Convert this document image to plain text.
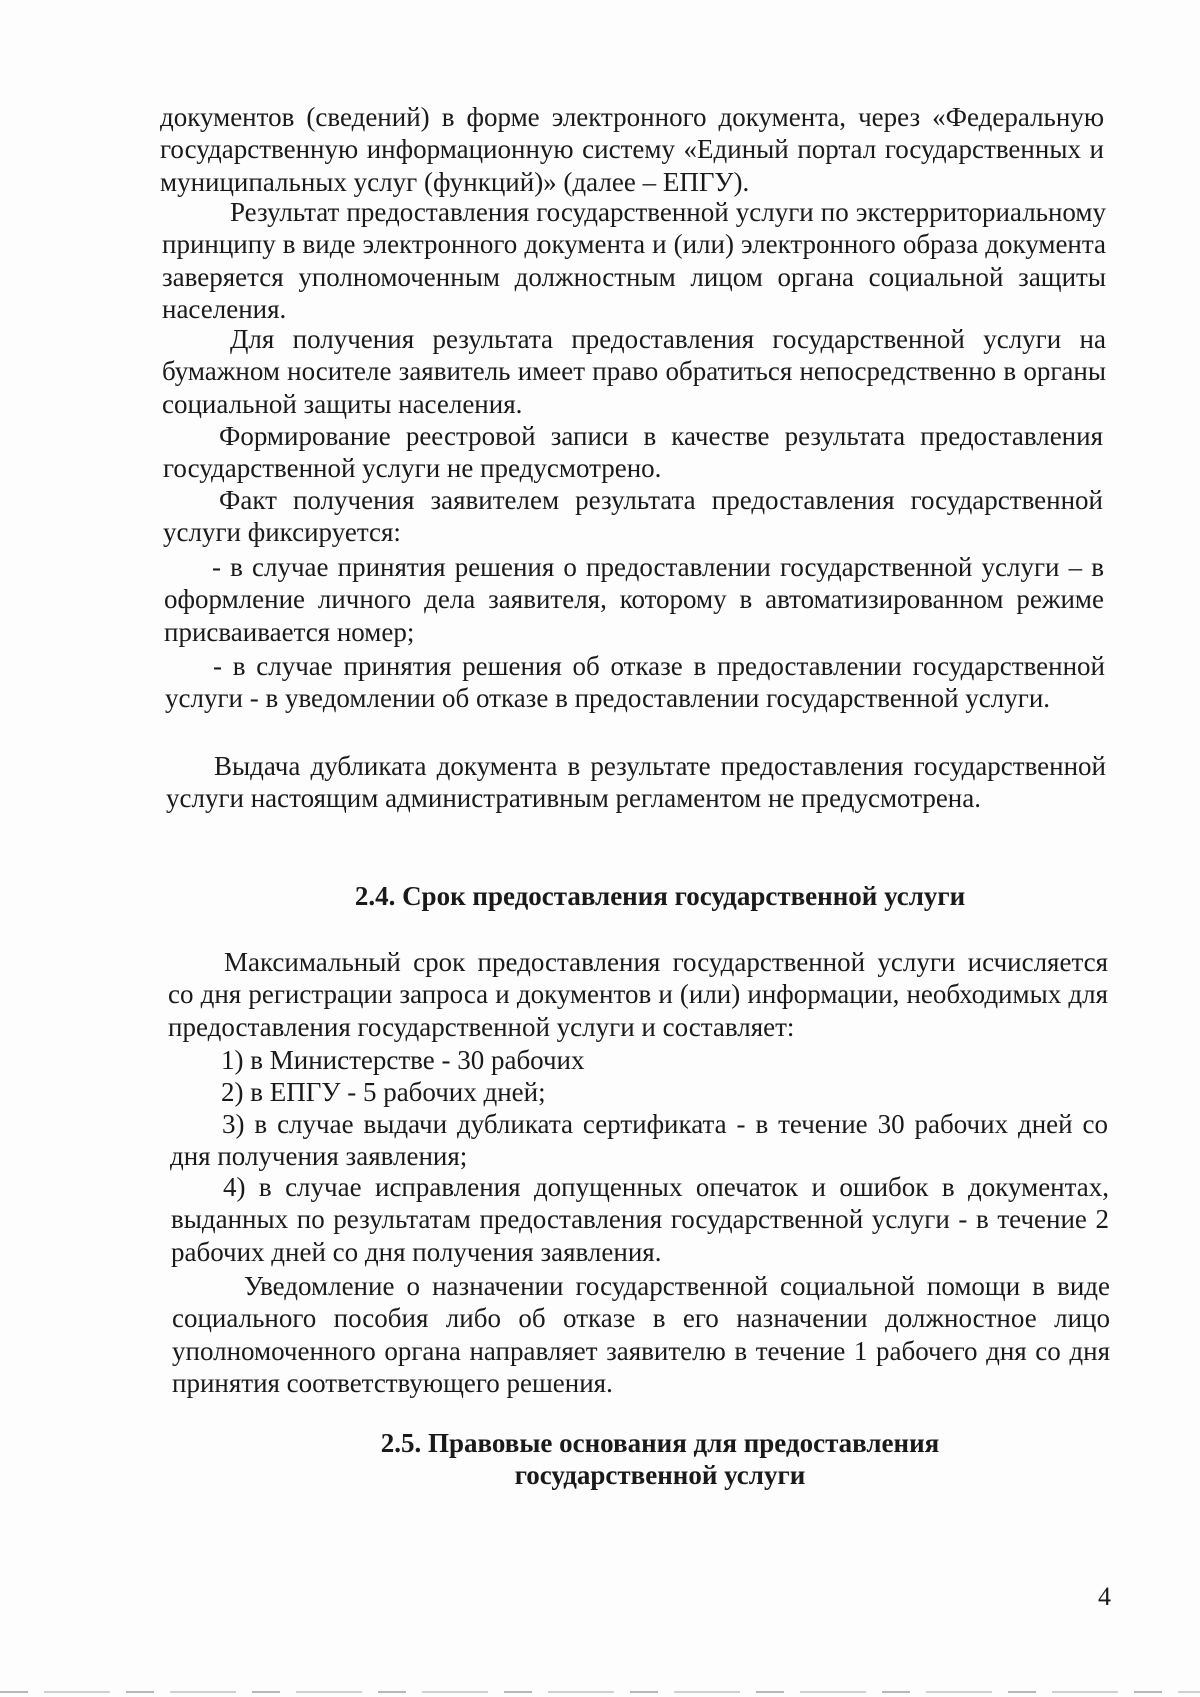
документов (сведений) в форме электронного документа, через «Федеральную государственную информационную систему «Единый портал государственных и муниципальных услуг (функций)» (далее – ЕПГУ).

Результат предоставления государственной услуги по экстерриториальному принципу в виде электронного документа и (или) электронного образа документа заверяется уполномоченным должностным лицом органа социальной защиты населения.

Для получения результата предоставления государственной услуги на бумажном носителе заявитель имеет право обратиться непосредственно в органы социальной защиты населения.

Формирование реестровой записи в качестве результата предоставления государственной услуги не предусмотрено.

Факт получения заявителем результата предоставления государственной услуги фиксируется:

- в случае принятия решения о предоставлении государственной услуги – в оформление личного дела заявителя, которому в автоматизированном режиме присваивается номер;

- в случае принятия решения об отказе в предоставлении государственной услуги - в уведомлении об отказе в предоставлении государственной услуги.

Выдача дубликата документа в результате предоставления государственной услуги настоящим административным регламентом не предусмотрена.

2.4. Срок предоставления государственной услуги

Максимальный срок предоставления государственной услуги исчисляется со дня регистрации запроса и документов и (или) информации, необходимых для предоставления государственной услуги и составляет:

1) в Министерстве - 30 рабочих

2) в ЕПГУ - 5 рабочих дней;

3) в случае выдачи дубликата сертификата - в течение 30 рабочих дней со дня получения заявления;

4) в случае исправления допущенных опечаток и ошибок в документах, выданных по результатам предоставления государственной услуги - в течение 2 рабочих дней со дня получения заявления.

Уведомление о назначении государственной социальной помощи в виде социального пособия либо об отказе в его назначении должностное лицо уполномоченного органа направляет заявителю в течение 1 рабочего дня со дня принятия соответствующего решения.

2.5. Правовые основания для предоставления
государственной услуги
4
